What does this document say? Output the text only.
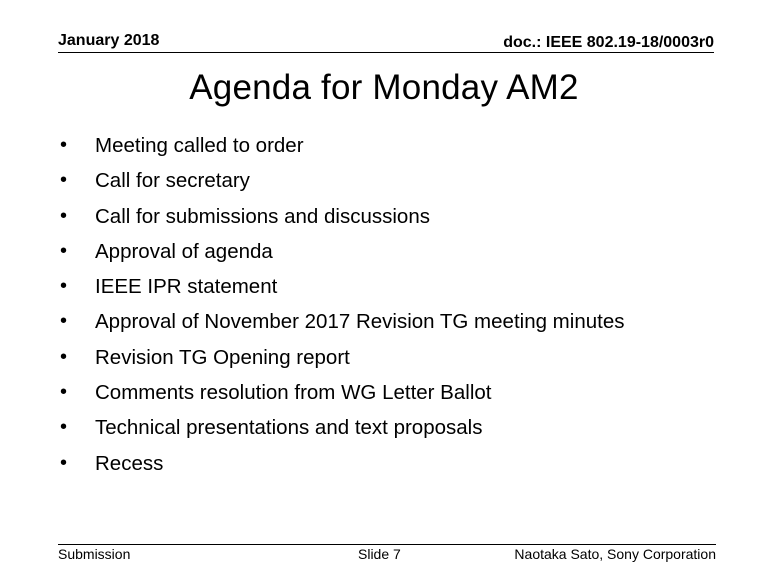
January 2018	doc.: IEEE 802.19-18/0003r0
Agenda for Monday AM2
•	Meeting called to order
•	Call for secretary
•	Call for submissions and discussions
•	Approval of agenda
•	IEEE IPR statement
•	Approval of November 2017 Revision TG meeting minutes
•	Revision TG Opening report
•	Comments resolution from WG Letter Ballot
•	Technical presentations and text proposals
•	Recess
Submission	Slide 7	Naotaka Sato, Sony Corporation
